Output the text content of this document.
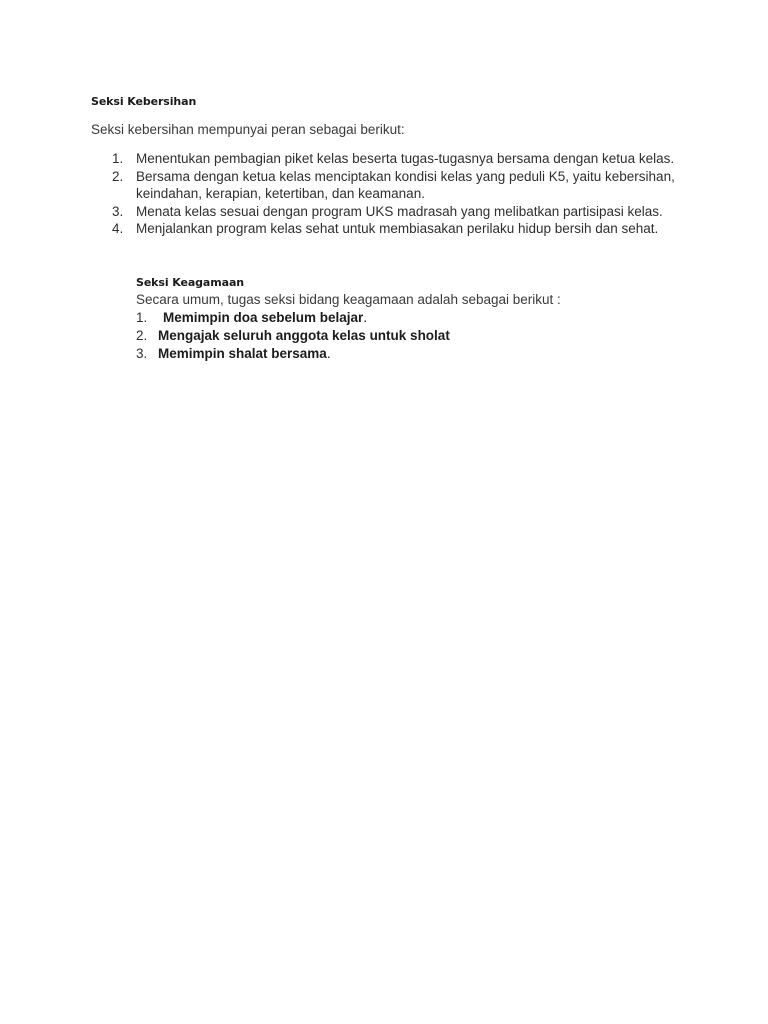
Seksi Kebersihan
Seksi kebersihan mempunyai peran sebagai berikut:
1. Menentukan pembagian piket kelas beserta tugas-tugasnya bersama dengan ketua kelas.
2. Bersama dengan ketua kelas menciptakan kondisi kelas yang peduli K5, yaitu kebersihan, keindahan, kerapian, ketertiban, dan keamanan.
3. Menata kelas sesuai dengan program UKS madrasah yang melibatkan partisipasi kelas.
4. Menjalankan program kelas sehat untuk membiasakan perilaku hidup bersih dan sehat.
Seksi Keagamaan
Secara umum, tugas seksi bidang keagamaan adalah sebagai berikut :
1. Memimpin doa sebelum belajar.
2. Mengajak seluruh anggota kelas untuk sholat
3. Memimpin shalat bersama.
